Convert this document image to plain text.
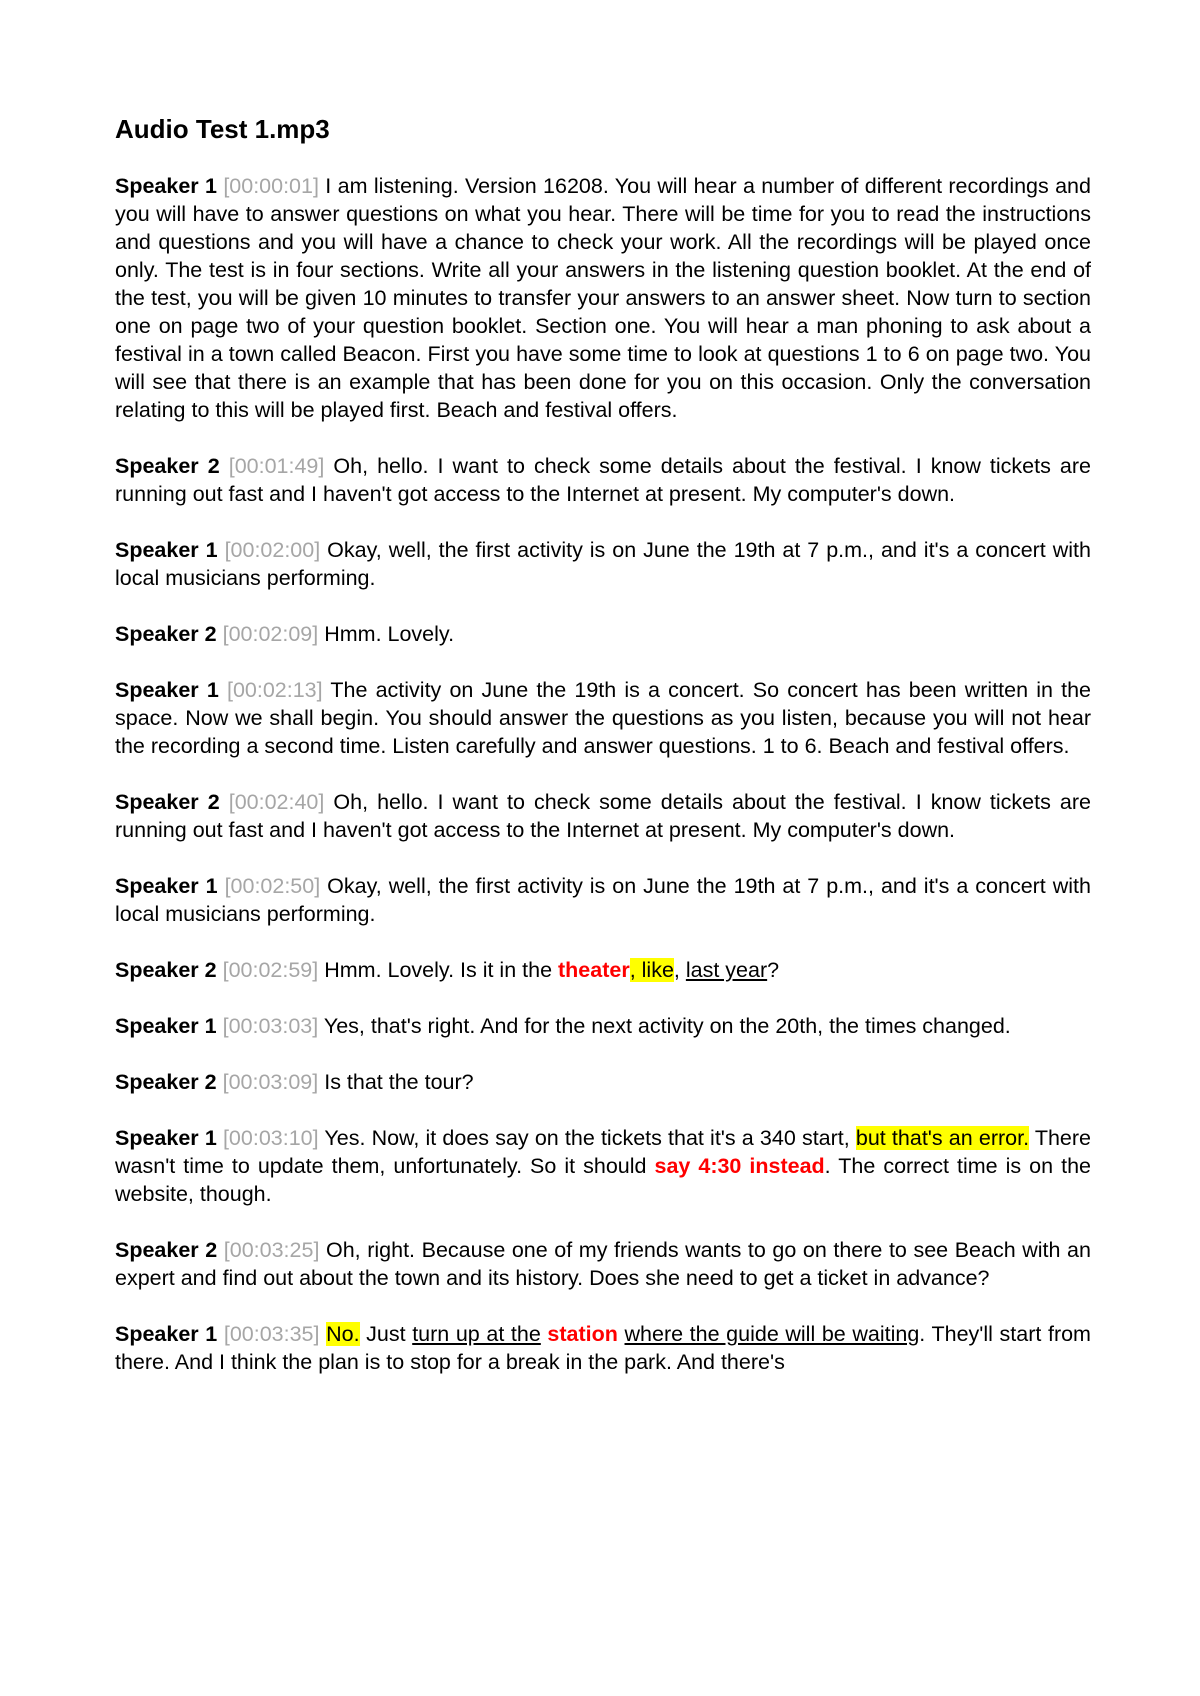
Audio Test 1.mp3
Speaker 1 [00:00:01] I am listening. Version 16208. You will hear a number of different recordings and you will have to answer questions on what you hear. There will be time for you to read the instructions and questions and you will have a chance to check your work. All the recordings will be played once only. The test is in four sections. Write all your answers in the listening question booklet. At the end of the test, you will be given 10 minutes to transfer your answers to an answer sheet. Now turn to section one on page two of your question booklet. Section one. You will hear a man phoning to ask about a festival in a town called Beacon. First you have some time to look at questions 1 to 6 on page two. You will see that there is an example that has been done for you on this occasion. Only the conversation relating to this will be played first. Beach and festival offers.
Speaker 2 [00:01:49] Oh, hello. I want to check some details about the festival. I know tickets are running out fast and I haven't got access to the Internet at present. My computer's down.
Speaker 1 [00:02:00] Okay, well, the first activity is on June the 19th at 7 p.m., and it's a concert with local musicians performing.
Speaker 2 [00:02:09] Hmm. Lovely.
Speaker 1 [00:02:13] The activity on June the 19th is a concert. So concert has been written in the space. Now we shall begin. You should answer the questions as you listen, because you will not hear the recording a second time. Listen carefully and answer questions. 1 to 6. Beach and festival offers.
Speaker 2 [00:02:40] Oh, hello. I want to check some details about the festival. I know tickets are running out fast and I haven't got access to the Internet at present. My computer's down.
Speaker 1 [00:02:50] Okay, well, the first activity is on June the 19th at 7 p.m., and it's a concert with local musicians performing.
Speaker 2 [00:02:59] Hmm. Lovely. Is it in the theater, like, last year?
Speaker 1 [00:03:03] Yes, that's right. And for the next activity on the 20th, the times changed.
Speaker 2 [00:03:09] Is that the tour?
Speaker 1 [00:03:10] Yes. Now, it does say on the tickets that it's a 340 start, but that's an error. There wasn't time to update them, unfortunately. So it should say 4:30 instead. The correct time is on the website, though.
Speaker 2 [00:03:25] Oh, right. Because one of my friends wants to go on there to see Beach with an expert and find out about the town and its history. Does she need to get a ticket in advance?
Speaker 1 [00:03:35] No. Just turn up at the station where the guide will be waiting. They'll start from there. And I think the plan is to stop for a break in the park. And there's
